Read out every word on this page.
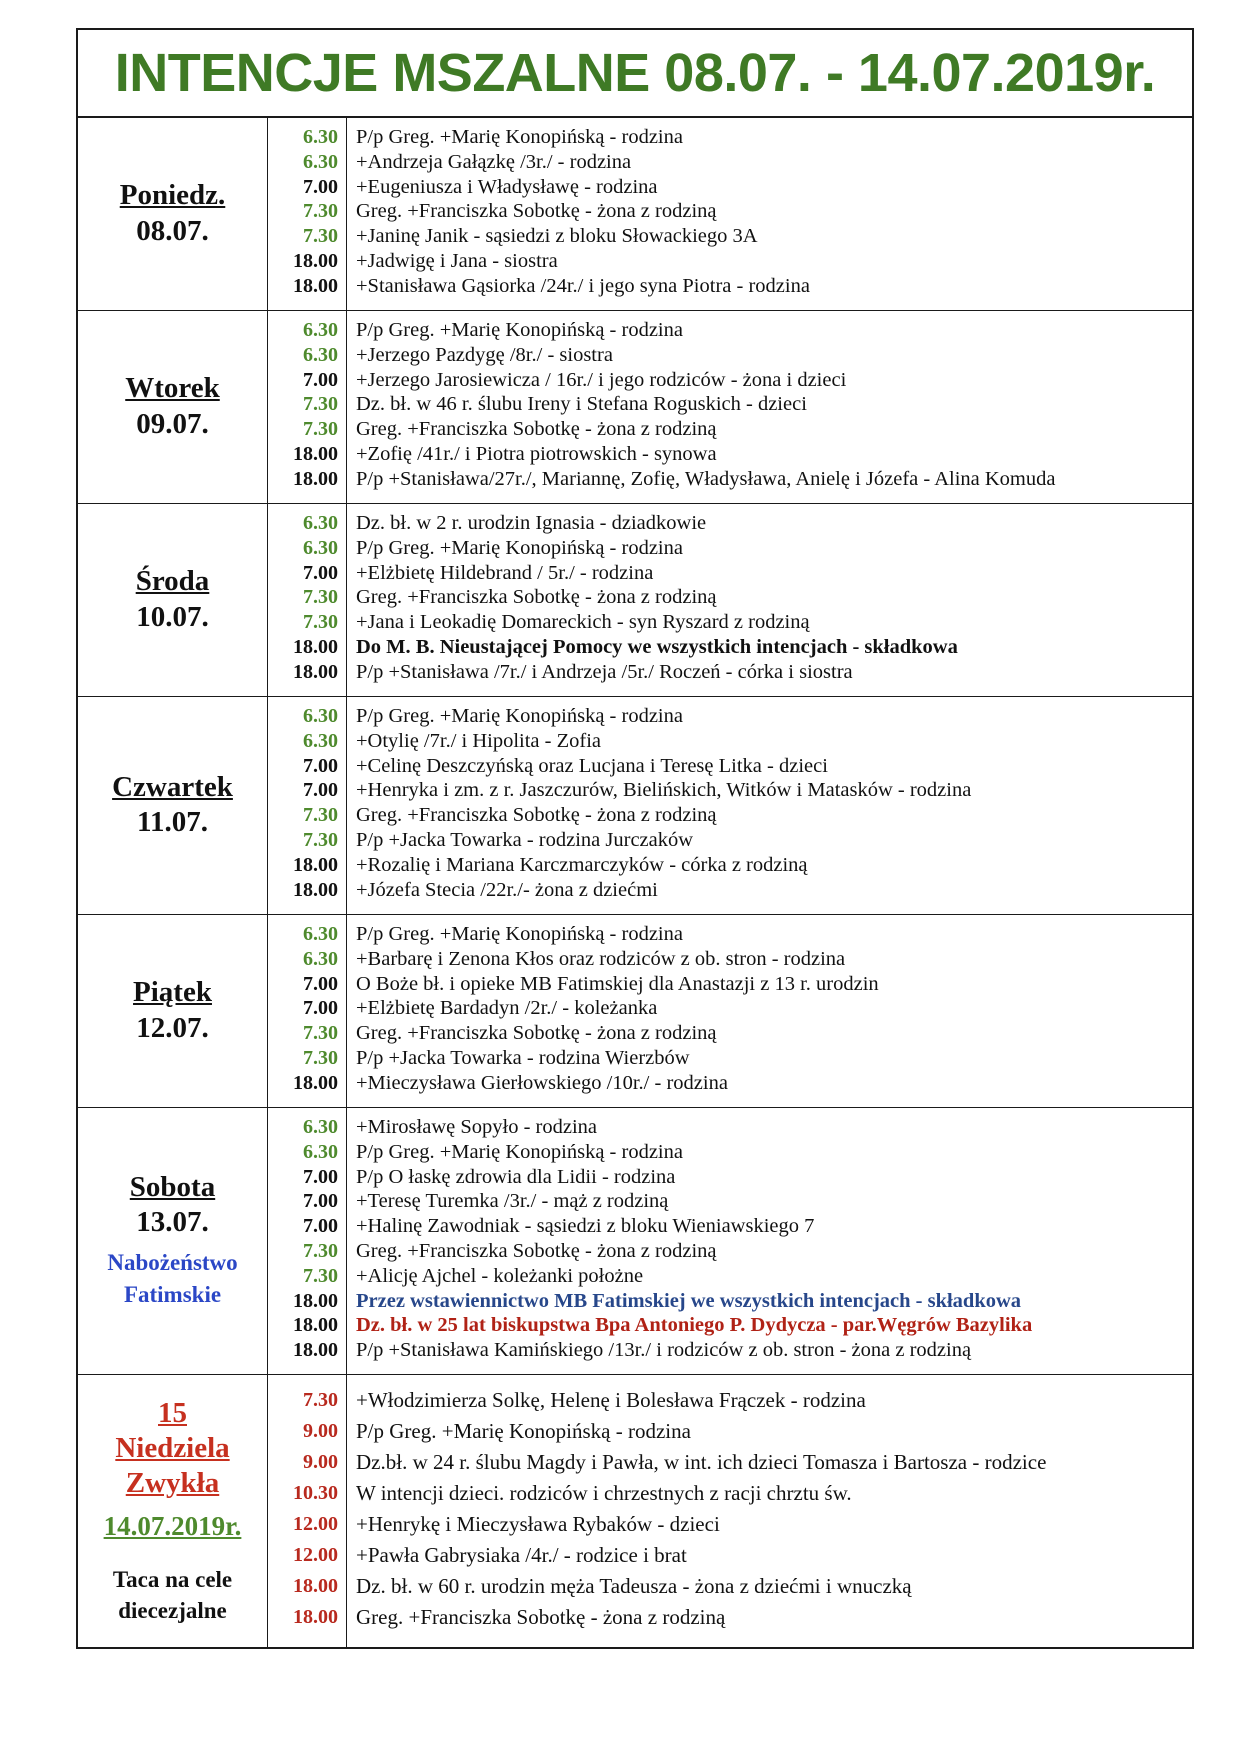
INTENCJE MSZALNE 08.07. - 14.07.2019r.
Poniedz.
08.07.
6.30
6.30
7.00
7.30
7.30
18.00
18.00
P/p Greg. +Marię Konopińską - rodzina
+Andrzeja Gałązkę /3r./ - rodzina
+Eugeniusza i Władysławę - rodzina
Greg. +Franciszka Sobotkę - żona z rodziną
+Janinę Janik - sąsiedzi z bloku Słowackiego 3A
+Jadwigę i Jana - siostra
+Stanisława Gąsiorka /24r./ i jego syna Piotra - rodzina
Wtorek
09.07.
6.30
6.30
7.00
7.30
7.30
18.00
18.00
P/p Greg. +Marię Konopińską - rodzina
+Jerzego Pazdygę /8r./ - siostra
+Jerzego Jarosiewicza / 16r./ i jego rodziców - żona i dzieci
Dz. bł. w 46 r. ślubu Ireny i Stefana Roguskich - dzieci
Greg. +Franciszka Sobotkę - żona z rodziną
+Zofię /41r./ i Piotra piotrowskich - synowa
P/p +Stanisława/27r./, Mariannę, Zofię, Władysława, Anielę i Józefa - Alina Komuda
Środa
10.07.
6.30
6.30
7.00
7.30
7.30
18.00
18.00
Dz. bł. w 2 r. urodzin Ignasia - dziadkowie
P/p Greg. +Marię Konopińską - rodzina
+Elżbietę Hildebrand / 5r./ - rodzina
Greg. +Franciszka Sobotkę - żona z rodziną
+Jana i Leokadię Domareckich - syn Ryszard z rodziną
Do M. B. Nieustającej Pomocy we wszystkich intencjach - składkowa
P/p +Stanisława /7r./ i Andrzeja /5r./ Roczeń - córka i siostra
Czwartek
11.07.
6.30
6.30
7.00
7.00
7.30
7.30
18.00
18.00
P/p Greg. +Marię Konopińską - rodzina
+Otylię /7r./ i Hipolita - Zofia
+Celinę Deszczyńską oraz Lucjana i Teresę Litka - dzieci
+Henryka i zm. z r. Jaszczurów, Bielińskich, Witków i Matasków - rodzina
Greg. +Franciszka Sobotkę - żona z rodziną
P/p +Jacka Towarka - rodzina Jurczaków
+Rozalię i Mariana Karczmarczyków - córka z rodziną
+Józefa Stecia /22r./- żona z dziećmi
Piątek
12.07.
6.30
6.30
7.00
7.00
7.30
7.30
18.00
P/p Greg. +Marię Konopińską - rodzina
+Barbarę i Zenona Kłos oraz rodziców z ob. stron - rodzina
O Boże bł. i opieke MB Fatimskiej dla Anastazji z 13 r. urodzin
+Elżbietę Bardadyn /2r./ - koleżanka
Greg. +Franciszka Sobotkę - żona z rodziną
P/p +Jacka Towarka - rodzina Wierzbów
+Mieczysława Gierłowskiego /10r./ - rodzina
Sobota
13.07.
Nabożeństwo
Fatimskie
6.30
6.30
7.00
7.00
7.00
7.30
7.30
18.00
18.00
18.00
+Mirosławę Sopyło - rodzina
P/p Greg. +Marię Konopińską - rodzina
P/p O łaskę zdrowia dla Lidii - rodzina
+Teresę Turemka /3r./ - mąż z rodziną
+Halinę Zawodniak - sąsiedzi z bloku Wieniawskiego 7
Greg. +Franciszka Sobotkę - żona z rodziną
+Alicję Ajchel - koleżanki położne
Przez wstawiennictwo MB Fatimskiej we wszystkich intencjach - składkowa
Dz. bł. w 25 lat biskupstwa Bpa Antoniego P. Dydycza - par.Węgrów Bazylika
P/p +Stanisława Kamińskiego /13r./ i rodziców z ob. stron - żona z rodziną
15
Niedziela
Zwykła
14.07.2019r.
Taca na cele
diecezjalne
7.30
9.00
9.00
10.30
12.00
12.00
18.00
18.00
+Włodzimierza Solkę, Helenę i Bolesława Frączek - rodzina
P/p Greg. +Marię Konopińską - rodzina
Dz.bł. w 24 r. ślubu Magdy i Pawła, w int. ich dzieci Tomasza i Bartosza - rodzice
W intencji dzieci. rodziców i chrzestnych z racji chrztu św.
+Henrykę i Mieczysława Rybaków - dzieci
+Pawła Gabrysiaka /4r./ - rodzice i brat
Dz. bł. w 60 r. urodzin męża Tadeusza - żona z dziećmi i wnuczką
Greg. +Franciszka Sobotkę - żona z rodziną
